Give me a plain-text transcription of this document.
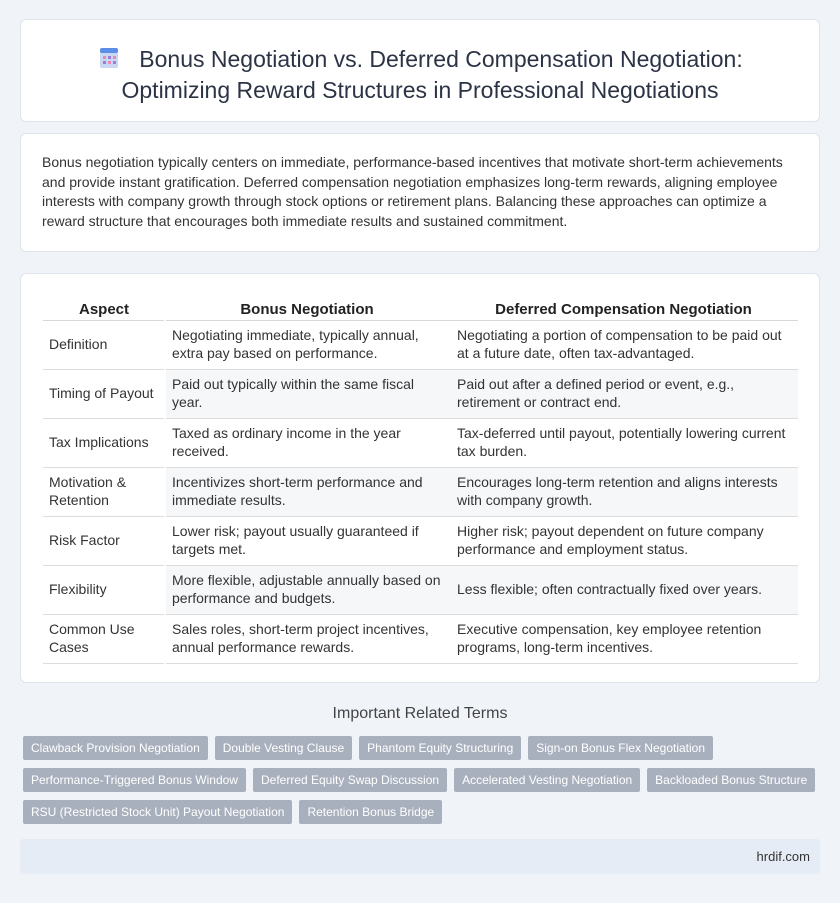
Bonus Negotiation vs. Deferred Compensation Negotiation:
Optimizing Reward Structures in Professional Negotiations

Bonus negotiation typically centers on immediate, performance-based incentives that motivate short-term achievements and provide instant gratification. Deferred compensation negotiation emphasizes long-term rewards, aligning employee interests with company growth through stock options or retirement plans. Balancing these approaches can optimize a reward structure that encourages both immediate results and sustained commitment.

Aspect	Bonus Negotiation	Deferred Compensation Negotiation
Definition	Negotiating immediate, typically annual, extra pay based on performance.	Negotiating a portion of compensation to be paid out at a future date, often tax-advantaged.
Timing of Payout	Paid out typically within the same fiscal year.	Paid out after a defined period or event, e.g., retirement or contract end.
Tax Implications	Taxed as ordinary income in the year received.	Tax-deferred until payout, potentially lowering current tax burden.
Motivation & Retention	Incentivizes short-term performance and immediate results.	Encourages long-term retention and aligns interests with company growth.
Risk Factor	Lower risk; payout usually guaranteed if targets met.	Higher risk; payout dependent on future company performance and employment status.
Flexibility	More flexible, adjustable annually based on performance and budgets.	Less flexible; often contractually fixed over years.
Common Use Cases	Sales roles, short-term project incentives, annual performance rewards.	Executive compensation, key employee retention programs, long-term incentives.
Important Related Terms
Clawback Provision Negotiation	Double Vesting Clause	Phantom Equity Structuring	Sign-on Bonus Flex Negotiation
Performance-Triggered Bonus Window	Deferred Equity Swap Discussion	Accelerated Vesting Negotiation	Backloaded Bonus Structure
RSU (Restricted Stock Unit) Payout Negotiation	Retention Bonus Bridge
hrdif.com
